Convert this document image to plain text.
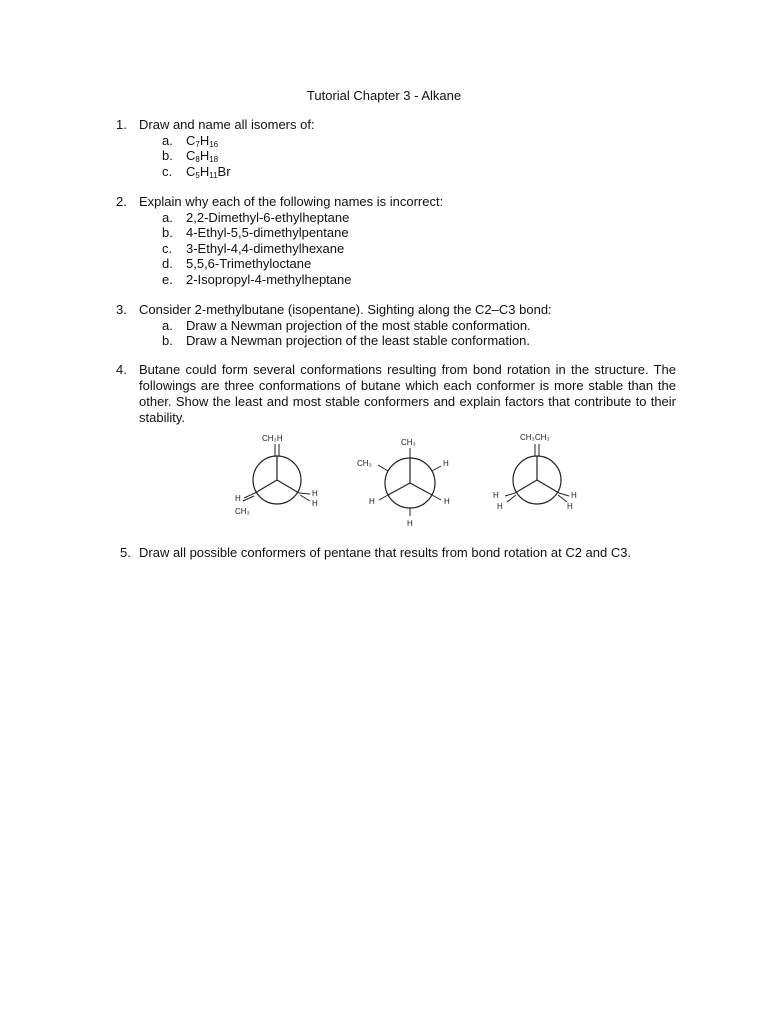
Tutorial Chapter 3 - Alkane
1. Draw and name all isomers of:
a. $C_7H_{16}$
b. $C_8H_{18}$
c. $C_5H_{11}Br$
2. Explain why each of the following names is incorrect:
a. 2,2-Dimethyl-6-ethylheptane
b. 4-Ethyl-5,5-dimethylpentane
c. 3-Ethyl-4,4-dimethylhexane
d. 5,5,6-Trimethyloctane
e. 2-Isopropyl-4-methylheptane
3. Consider 2-methylbutane (isopentane). Sighting along the C2–C3 bond:
a. Draw a Newman projection of the most stable conformation.
b. Draw a Newman projection of the least stable conformation.
4. Butane could form several conformations resulting from bond rotation in the structure. The followings are three conformations of butane which each conformer is more stable than the other. Show the least and most stable conformers and explain factors that contribute to their stability.
CH₃H
H
CH₃
H
H
CH₃
CH₃	H
H	H
H
CH₃CH₃
H
H
H
H
5. Draw all possible conformers of pentane that results from bond rotation at C2 and C3.
